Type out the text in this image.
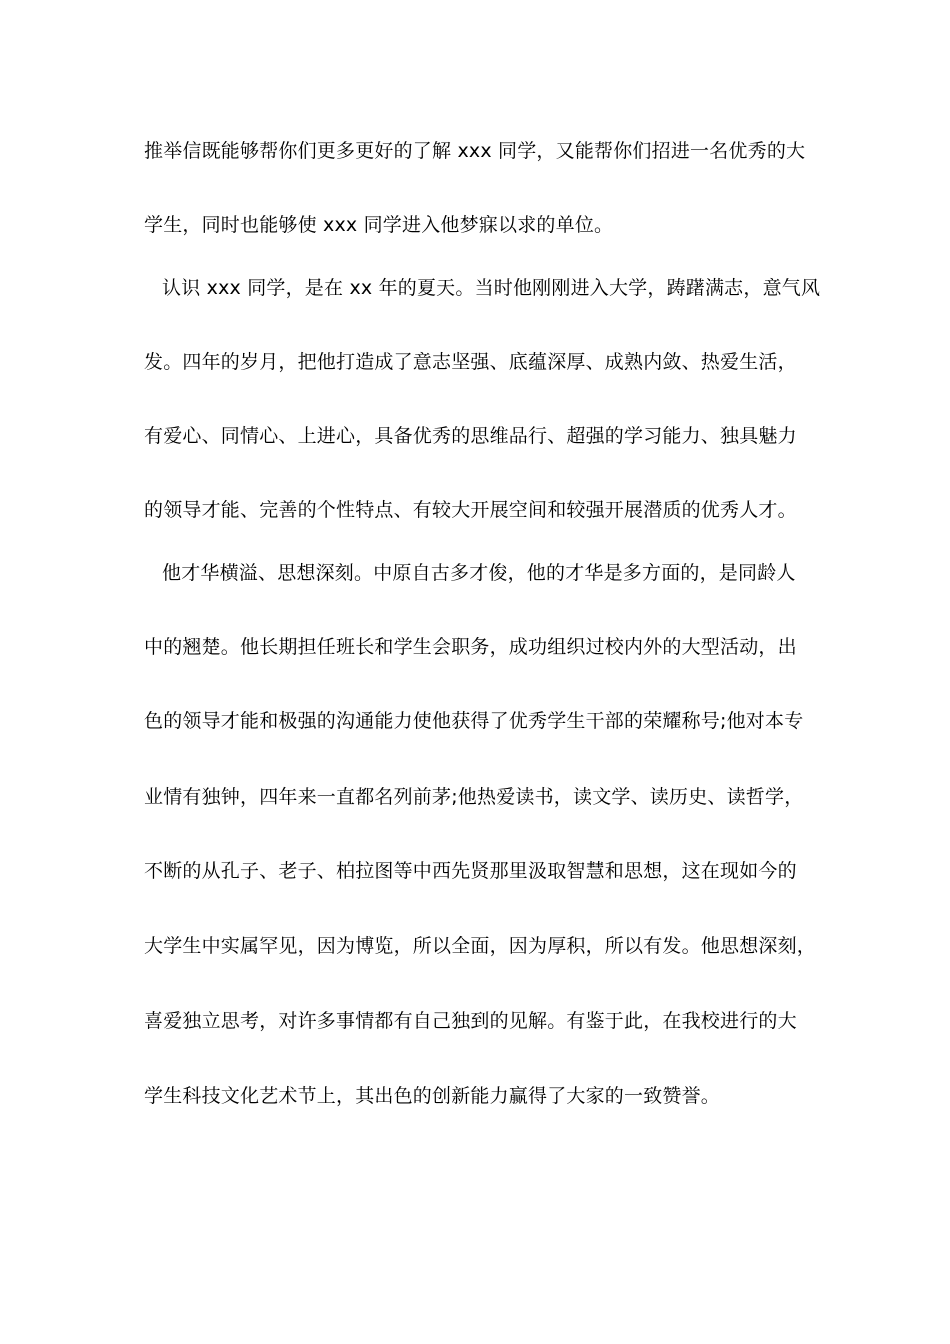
推举信既能够帮你们更多更好的了解 xxx 同学，又能帮你们招进一名优秀的大
学生，同时也能够使 xxx 同学进入他梦寐以求的单位。
认识 xxx 同学，是在 xx 年的夏天。当时他刚刚进入大学，踌躇满志，意气风
发。四年的岁月，把他打造成了意志坚强、底蕴深厚、成熟内敛、热爱生活，
有爱心、同情心、上进心，具备优秀的思维品行、超强的学习能力、独具魅力
的领导才能、完善的个性特点、有较大开展空间和较强开展潜质的优秀人才。
他才华横溢、思想深刻。中原自古多才俊，他的才华是多方面的，是同龄人
中的翘楚。他长期担任班长和学生会职务，成功组织过校内外的大型活动，出
色的领导才能和极强的沟通能力使他获得了优秀学生干部的荣耀称号;他对本专
业情有独钟，四年来一直都名列前茅;他热爱读书，读文学、读历史、读哲学，
不断的从孔子、老子、柏拉图等中西先贤那里汲取智慧和思想，这在现如今的
大学生中实属罕见，因为博览，所以全面，因为厚积，所以有发。他思想深刻，
喜爱独立思考，对许多事情都有自己独到的见解。有鉴于此，在我校进行的大
学生科技文化艺术节上，其出色的创新能力赢得了大家的一致赞誉。
